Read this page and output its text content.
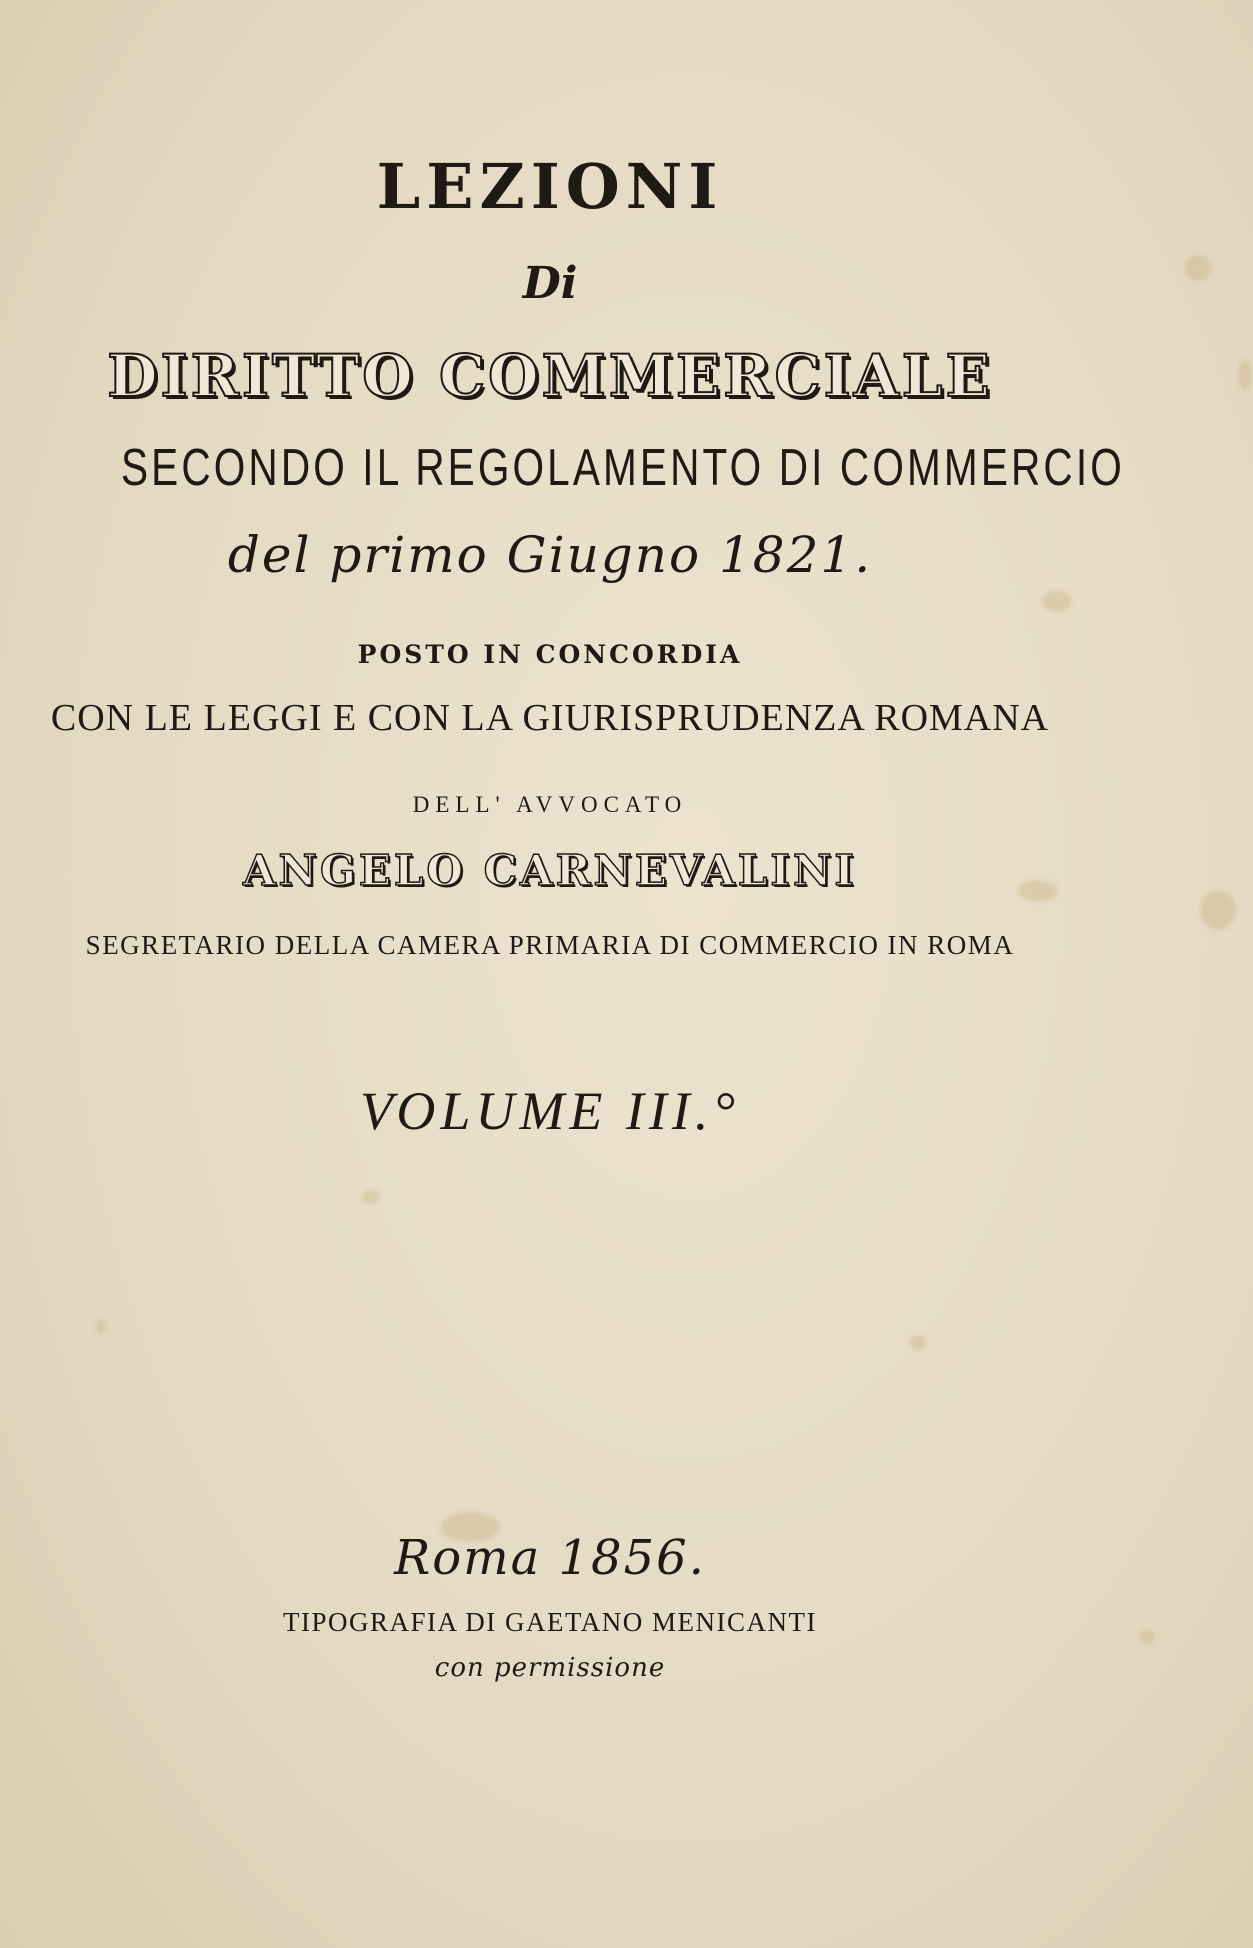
LEZIONI
Di
DIRITTO COMMERCIALE
SECONDO IL REGOLAMENTO DI COMMERCIO
del primo Giugno 1821.
POSTO IN CONCORDIA
CON LE LEGGI E CON LA GIURISPRUDENZA ROMANA
DELL' AVVOCATO
ANGELO CARNEVALINI
SEGRETARIO DELLA CAMERA PRIMARIA DI COMMERCIO IN ROMA
VOLUME III.°
Roma 1856.
TIPOGRAFIA DI GAETANO MENICANTI
con permissione
